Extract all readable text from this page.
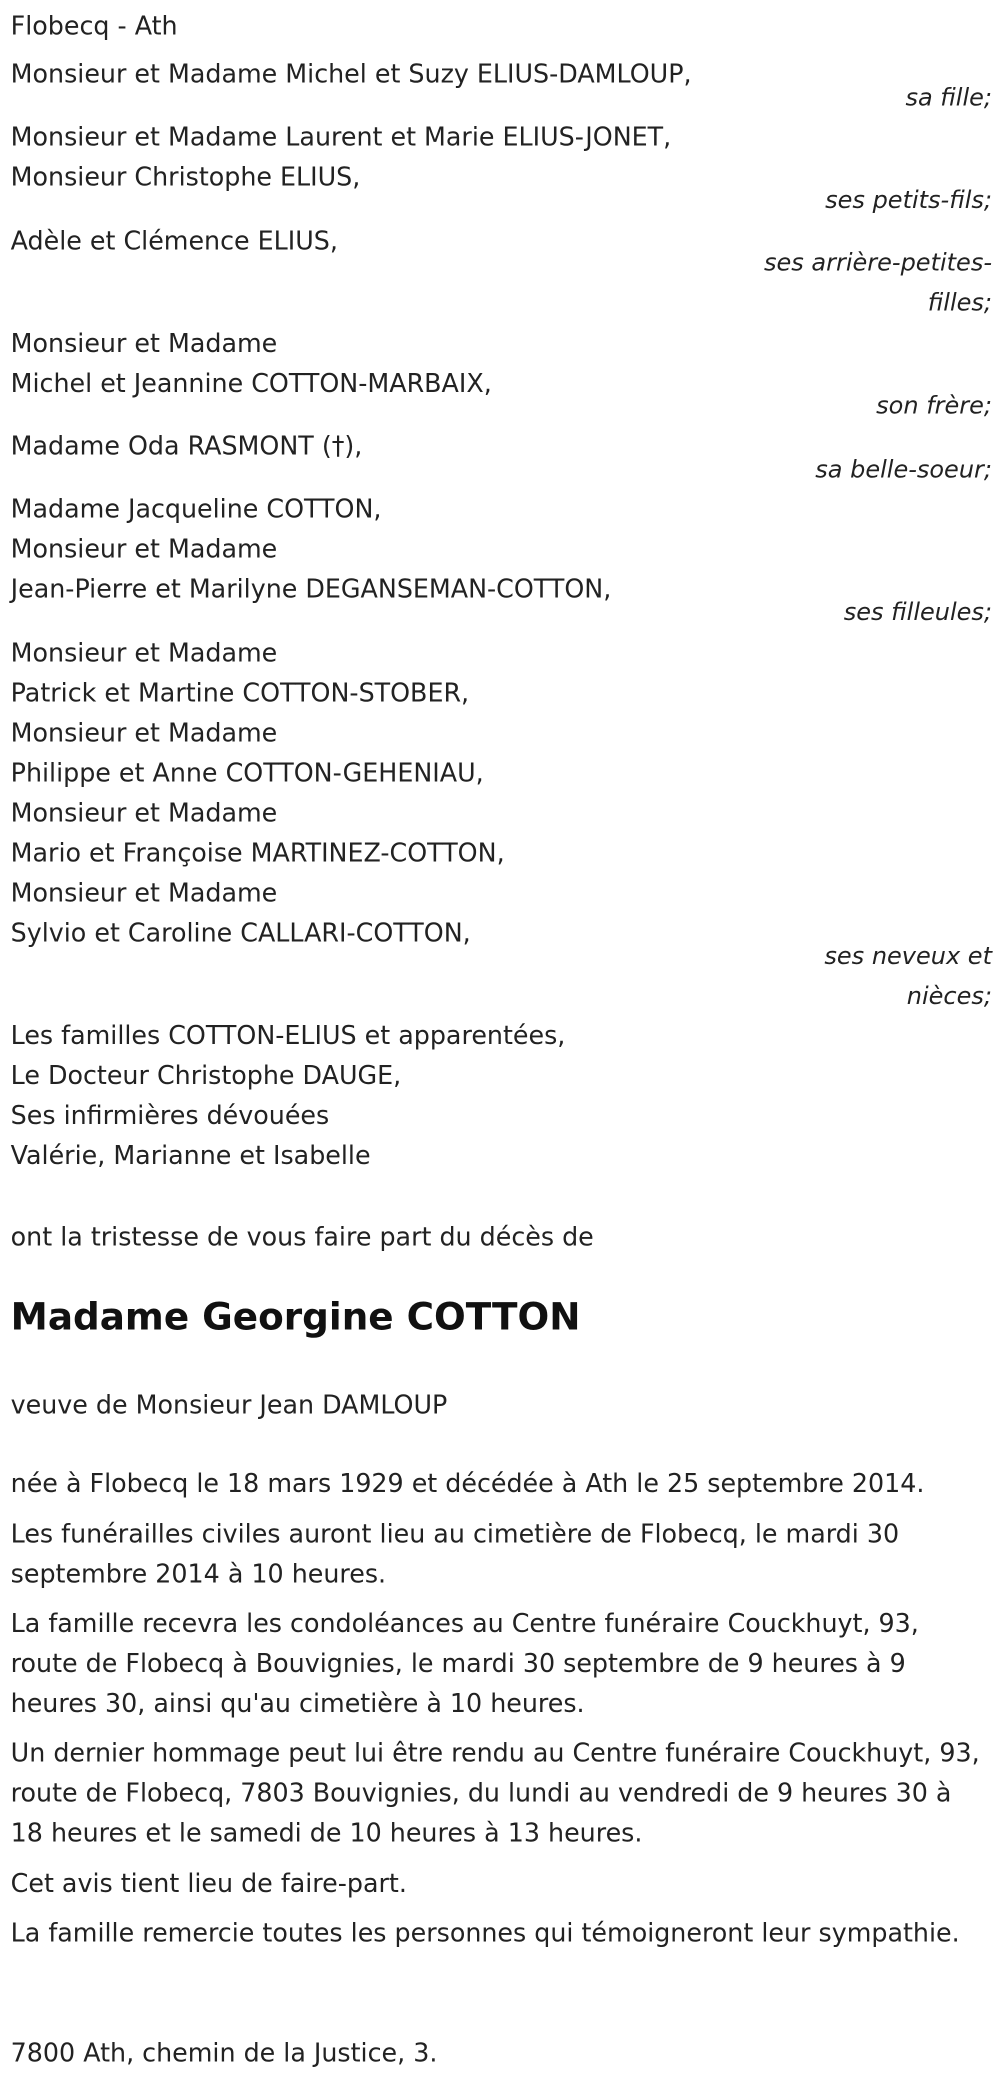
Flobecq - Ath
Monsieur et Madame Michel et Suzy ELIUS-DAMLOUP,
sa fille;
Monsieur et Madame Laurent et Marie ELIUS-JONET,
Monsieur Christophe ELIUS,
ses petits-fils;
Adèle et Clémence ELIUS,
ses arrière-petites-
filles;
Monsieur et Madame
Michel et Jeannine COTTON-MARBAIX,
son frère;
Madame Oda RASMONT (†),
sa belle-soeur;
Madame Jacqueline COTTON,
Monsieur et Madame
Jean-Pierre et Marilyne DEGANSEMAN-COTTON,
ses filleules;
Monsieur et Madame
Patrick et Martine COTTON-STOBER,
Monsieur et Madame
Philippe et Anne COTTON-GEHENIAU,
Monsieur et Madame
Mario et Françoise MARTINEZ-COTTON,
Monsieur et Madame
Sylvio et Caroline CALLARI-COTTON,
ses neveux et
nièces;
Les familles COTTON-ELIUS et apparentées,
Le Docteur Christophe DAUGE,
Ses infirmières dévouées
Valérie, Marianne et Isabelle
ont la tristesse de vous faire part du décès de
Madame Georgine COTTON
veuve de Monsieur Jean DAMLOUP
née à Flobecq le 18 mars 1929 et décédée à Ath le 25 septembre 2014.
Les funérailles civiles auront lieu au cimetière de Flobecq, le mardi 30 septembre 2014 à 10 heures.
La famille recevra les condoléances au Centre funéraire Couckhuyt, 93, route de Flobecq à Bouvignies, le mardi 30 septembre de 9 heures à 9 heures 30, ainsi qu'au cimetière à 10 heures.
Un dernier hommage peut lui être rendu au Centre funéraire Couckhuyt, 93, route de Flobecq, 7803 Bouvignies, du lundi au vendredi de 9 heures 30 à 18 heures et le samedi de 10 heures à 13 heures.
Cet avis tient lieu de faire-part.
La famille remercie toutes les personnes qui témoigneront leur sympathie.
7800 Ath, chemin de la Justice, 3.
